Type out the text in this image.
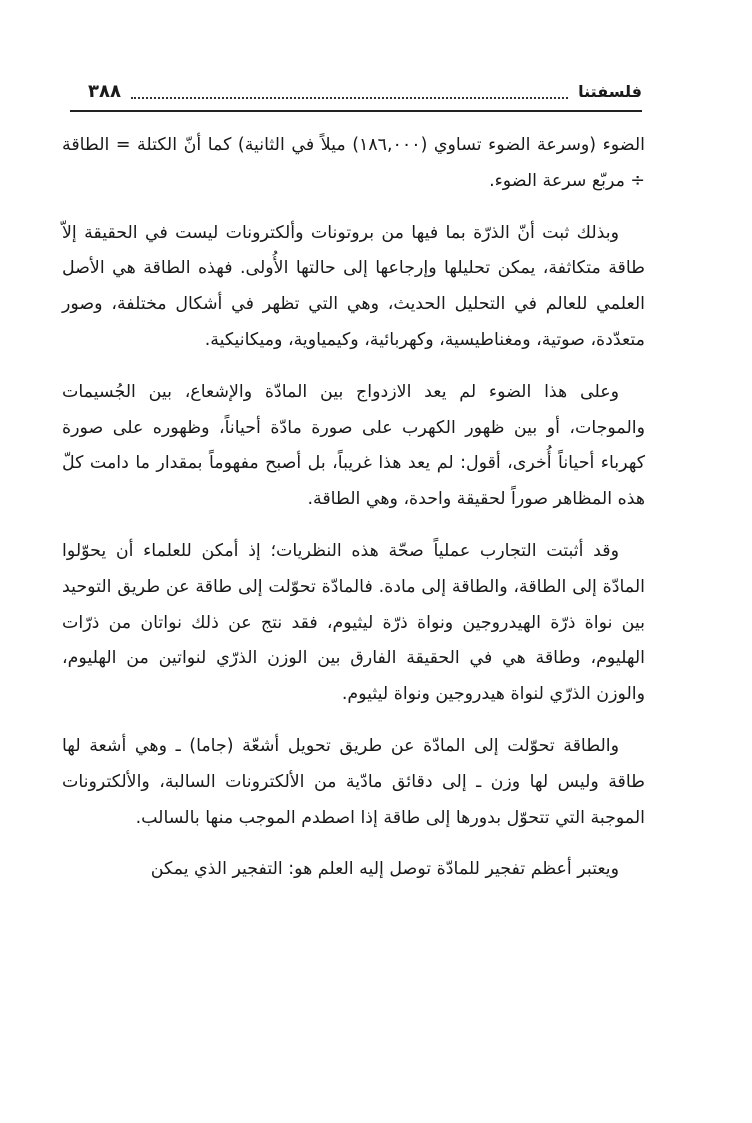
٣٨٨	فلسفتنا

الضوء (وسرعة الضوء تساوي (١٨٦,٠٠٠) ميلاً في الثانية) كما أنّ الكتلة = الطاقة ÷ مربّع سرعة الضوء.

وبذلك ثبت أنّ الذرّة بما فيها من بروتونات وألكترونات ليست في الحقيقة إلاّ طاقة متكاثفة، يمكن تحليلها وإرجاعها إلى حالتها الأُولى. فهذه الطاقة هي الأصل العلمي للعالم في التحليل الحديث، وهي التي تظهر في أشكال مختلفة، وصور متعدّدة، صوتية، ومغناطيسية، وكهربائية، وكيمياوية، وميكانيكية.

وعلى هذا الضوء لم يعد الازدواج بين المادّة والإشعاع، بين الجُسيمات والموجات، أو بين ظهور الكهرب على صورة مادّة أحياناً، وظهوره على صورة كهرباء أحياناً أُخرى، أقول: لم يعد هذا غريباً، بل أصبح مفهوماً بمقدار ما دامت كلّ هذه المظاهر صوراً لحقيقة واحدة، وهي الطاقة.

وقد أثبتت التجارب عملياً صحّة هذه النظريات؛ إذ أمكن للعلماء أن يحوّلوا المادّة إلى الطاقة، والطاقة إلى مادة. فالمادّة تحوّلت إلى طاقة عن طريق التوحيد بين نواة ذرّة الهيدروجين ونواة ذرّة ليثيوم، فقد نتج عن ذلك نواتان من ذرّات الهليوم، وطاقة هي في الحقيقة الفارق بين الوزن الذرّي لنواتين من الهليوم، والوزن الذرّي لنواة هيدروجين ونواة ليثيوم.

والطاقة تحوّلت إلى المادّة عن طريق تحويل أشعّة (جاما) ـ وهي أشعة لها طاقة وليس لها وزن ـ إلى دقائق مادّية من الألكترونات السالبة، والألكترونات الموجبة التي تتحوّل بدورها إلى طاقة إذا اصطدم الموجب منها بالسالب.

ويعتبر أعظم تفجير للمادّة توصل إليه العلم هو: التفجير الذي يمكن
